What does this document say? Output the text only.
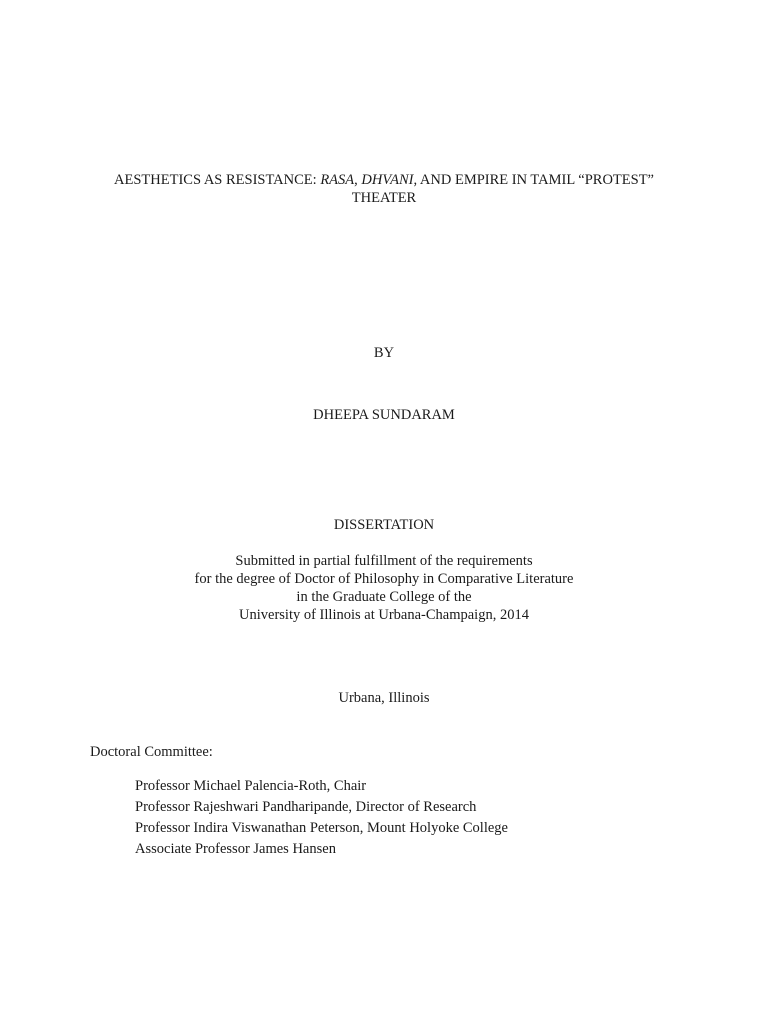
AESTHETICS AS RESISTANCE: RASA, DHVANI, AND EMPIRE IN TAMIL “PROTEST”
THEATER
BY
DHEEPA SUNDARAM
DISSERTATION
Submitted in partial fulfillment of the requirements
for the degree of Doctor of Philosophy in Comparative Literature
in the Graduate College of the
University of Illinois at Urbana-Champaign, 2014
Urbana, Illinois
Doctoral Committee:
Professor Michael Palencia-Roth, Chair
Professor Rajeshwari Pandharipande, Director of Research
Professor Indira Viswanathan Peterson, Mount Holyoke College
Associate Professor James Hansen
